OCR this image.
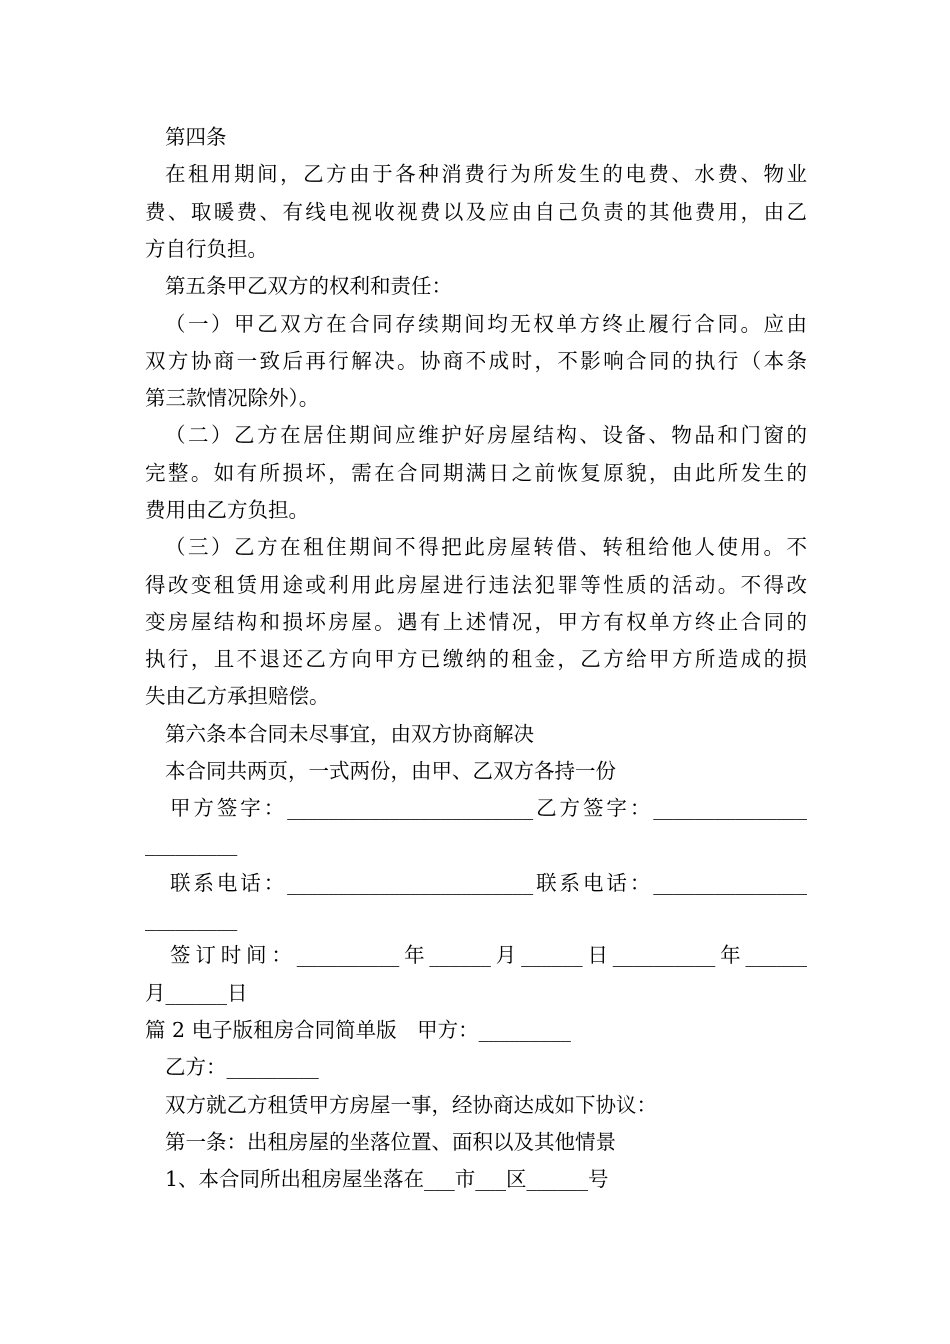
第四条
在租用期间，乙方由于各种消费行为所发生的电费、水费、物业
费、取暖费、有线电视收视费以及应由自己负责的其他费用，由乙
方自行负担。
第五条甲乙双方的权利和责任：
（一）甲乙双方在合同存续期间均无权单方终止履行合同。应由
双方协商一致后再行解决。协商不成时，不影响合同的执行（本条
第三款情况除外）。
（二）乙方在居住期间应维护好房屋结构、设备、物品和门窗的
完整。如有所损坏，需在合同期满日之前恢复原貌，由此所发生的
费用由乙方负担。
（三）乙方在租住期间不得把此房屋转借、转租给他人使用。不
得改变租赁用途或利用此房屋进行违法犯罪等性质的活动。不得改
变房屋结构和损坏房屋。遇有上述情况，甲方有权单方终止合同的
执行，且不退还乙方向甲方已缴纳的租金，乙方给甲方所造成的损
失由乙方承担赔偿。
第六条本合同未尽事宜，由双方协商解决
本合同共两页，一式两份，由甲、乙双方各持一份
甲方签字：________________________乙方签字：_______________
_________
联系电话：________________________联系电话：_______________
_________
签订时间：__________年______月______日__________年______
月______日
篇 2 电子版租房合同简单版　甲方：_________
乙方：_________
双方就乙方租赁甲方房屋一事，经协商达成如下协议：
第一条：出租房屋的坐落位置、面积以及其他情景
1、本合同所出租房屋坐落在___市___区______号
